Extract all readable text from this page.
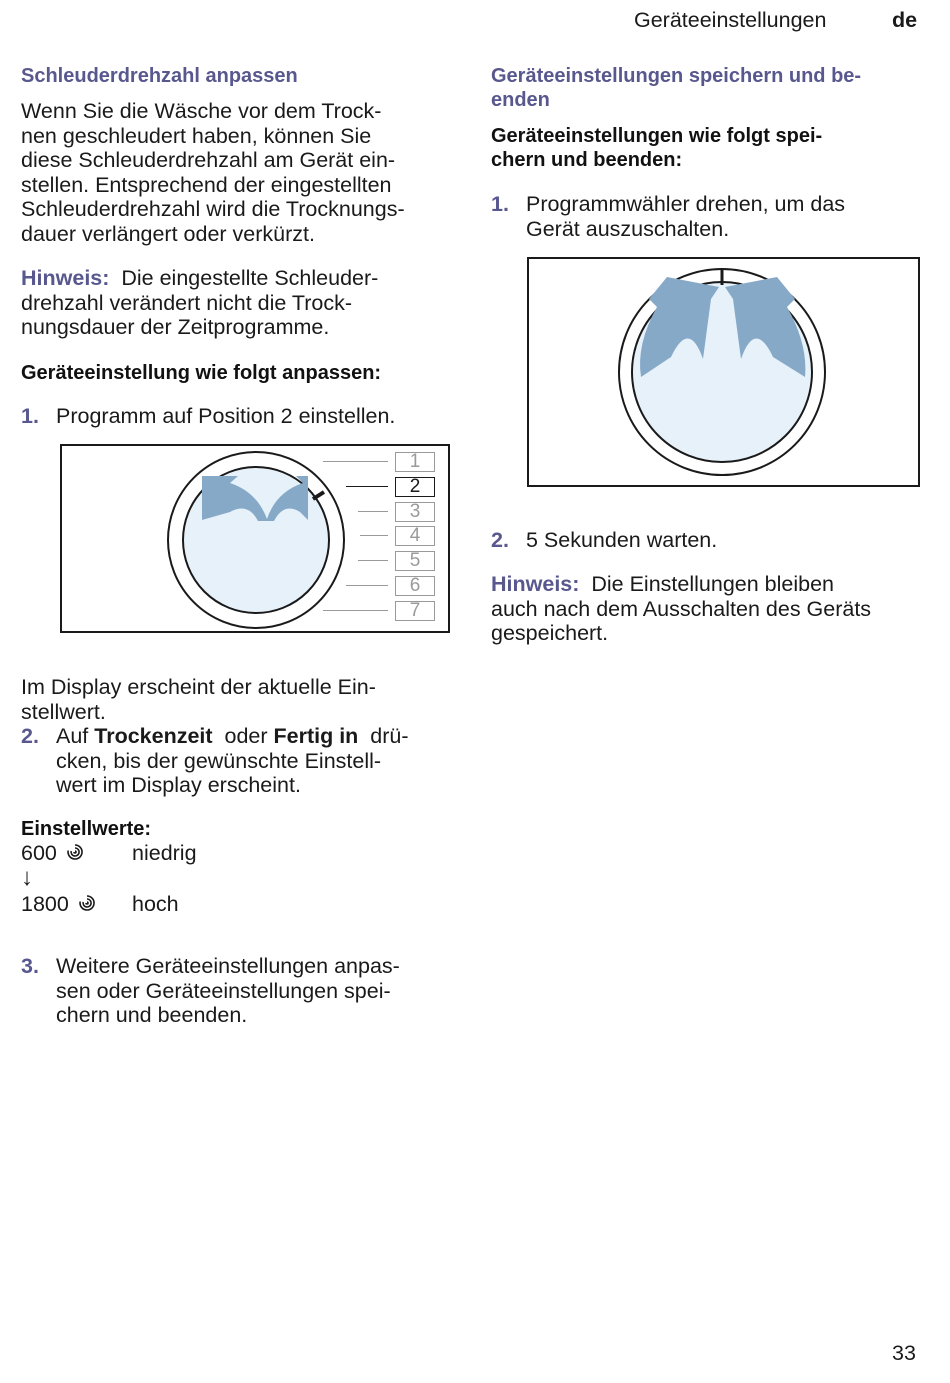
Geräteeinstellungen	de
Schleuderdrehzahl anpassen

Wenn Sie die Wäsche vor dem Trock-

nen geschleudert haben, können Sie

diese Schleuderdrehzahl am Gerät ein-

stellen. Entsprechend der eingestellten

Schleuderdrehzahl wird die Trocknungs-

dauer verlängert oder verkürzt.

Hinweis: Die eingestellte Schleuder-

drehzahl verändert nicht die Trock-

nungsdauer der Zeitprogramme.

Geräteeinstellung wie folgt anpassen:
1. Programm auf Position 2 einstellen.
1
2
3
4
5
6
7

Im Display erscheint der aktuelle Ein-

stellwert.

2. Auf Trockenzeit  oder Fertig in  drü-
cken, bis der gewünschte Einstell-
wert im Display erscheint.
Einstellwerte:
600	niedrig
↓
1800	hoch
3. Weitere Geräteeinstellungen anpas-
sen oder Geräteeinstellungen spei-
chern und beenden.
Geräteeinstellungen speichern und be-
enden
Geräteeinstellungen wie folgt spei-
chern und beenden:
1. Programmwähler drehen, um das
Gerät auszuschalten.
2. 5 Sekunden warten.

Hinweis: Die Einstellungen bleiben

auch nach dem Ausschalten des Geräts

gespeichert.

33
